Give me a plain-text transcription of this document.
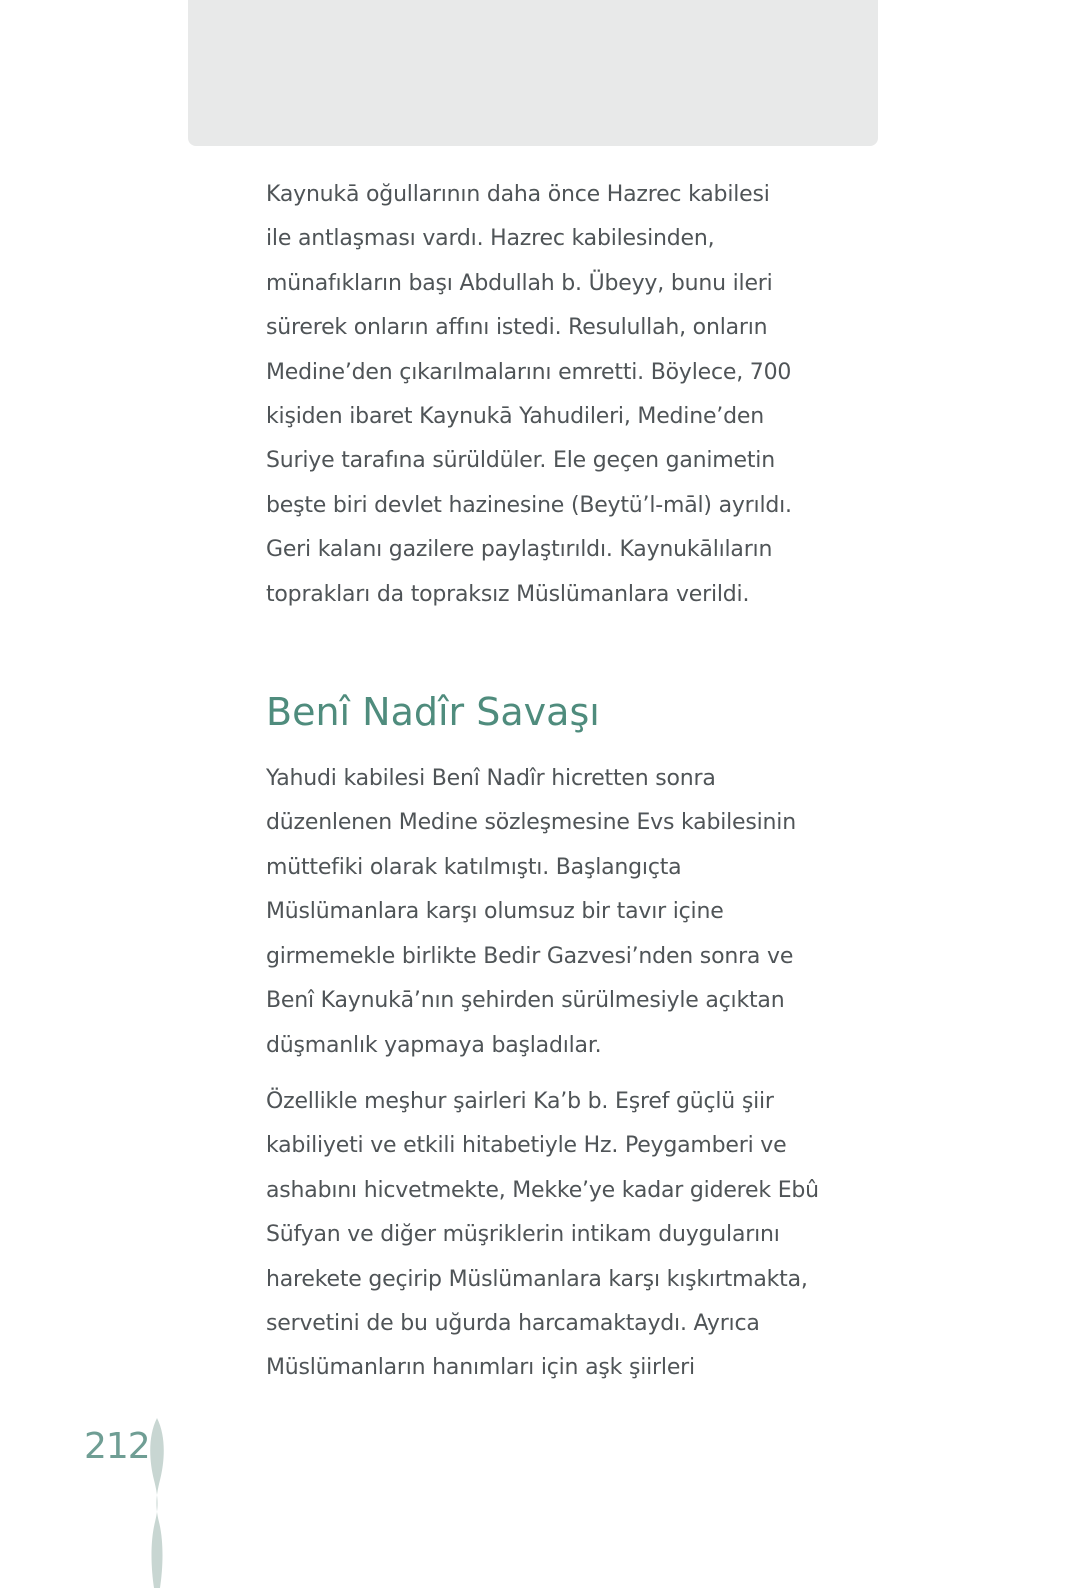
Kaynukā oğullarının daha önce Hazrec kabilesi
ile antlaşması vardı. Hazrec kabilesinden,
münafıkların başı Abdullah b. Übeyy, bunu ileri
sürerek onların affını istedi. Resulullah, onların
Medine’den çıkarılmalarını emretti. Böylece, 700
kişiden ibaret Kaynukā Yahudileri, Medine’den
Suriye tarafına sürüldüler. Ele geçen ganimetin
beşte biri devlet hazinesine (Beytü’l-māl) ayrıldı.
Geri kalanı gazilere paylaştırıldı. Kaynukālıların
toprakları da topraksız Müslümanlara verildi.

Benî Nadîr Savaşı

Yahudi kabilesi Benî Nadîr hicretten sonra
düzenlenen Medine sözleşmesine Evs kabilesinin
müttefiki olarak katılmıştı. Başlangıçta
Müslümanlara karşı olumsuz bir tavır içine
girmemekle birlikte Bedir Gazvesi’nden sonra ve
Benî Kaynukā’nın şehirden sürülmesiyle açıktan
düşmanlık yapmaya başladılar.

Özellikle meşhur şairleri Ka’b b. Eşref güçlü şiir
kabiliyeti ve etkili hitabetiyle Hz. Peygamberi ve
ashabını hicvetmekte, Mekke’ye kadar giderek Ebû
Süfyan ve diğer müşriklerin intikam duygularını
harekete geçirip Müslümanlara karşı kışkırtmakta,
servetini de bu uğurda harcamaktaydı. Ayrıca
Müslümanların hanımları için aşk şiirleri

212
